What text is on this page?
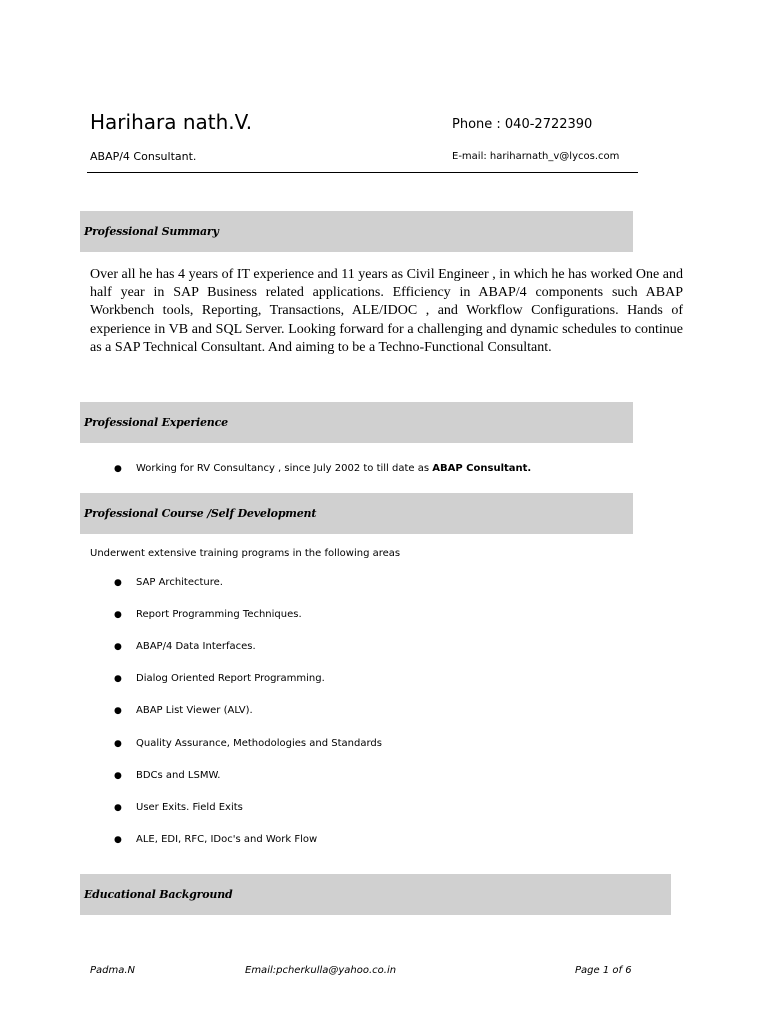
Harihara nath.V.	Phone : 040-2722390
ABAP/4 Consultant.	E-mail: hariharnath_v@lycos.com
Professional Summary
Over all he has 4 years of IT experience and 11 years as Civil Engineer , in which he has worked One and half year in SAP Business related applications. Efficiency in ABAP/4 components such ABAP Workbench tools, Reporting, Transactions, ALE/IDOC , and Workflow Configurations. Hands of experience in VB and SQL Server. Looking forward for a challenging and dynamic schedules to continue as a SAP Technical Consultant. And aiming to be a Techno-Functional Consultant.
Professional Experience
● Working for RV Consultancy , since July 2002 to till date as ABAP Consultant.
Professional Course /Self Development
Underwent extensive training programs in the following areas
● SAP Architecture.
● Report Programming Techniques.
● ABAP/4 Data Interfaces.
● Dialog Oriented Report Programming.
● ABAP List Viewer (ALV).
● Quality Assurance, Methodologies and Standards
● BDCs and LSMW.
● User Exits. Field Exits
● ALE, EDI, RFC, IDoc's and Work Flow
Educational Background
Padma.N	Email:pcherkulla@yahoo.co.in	Page 1 of 6
